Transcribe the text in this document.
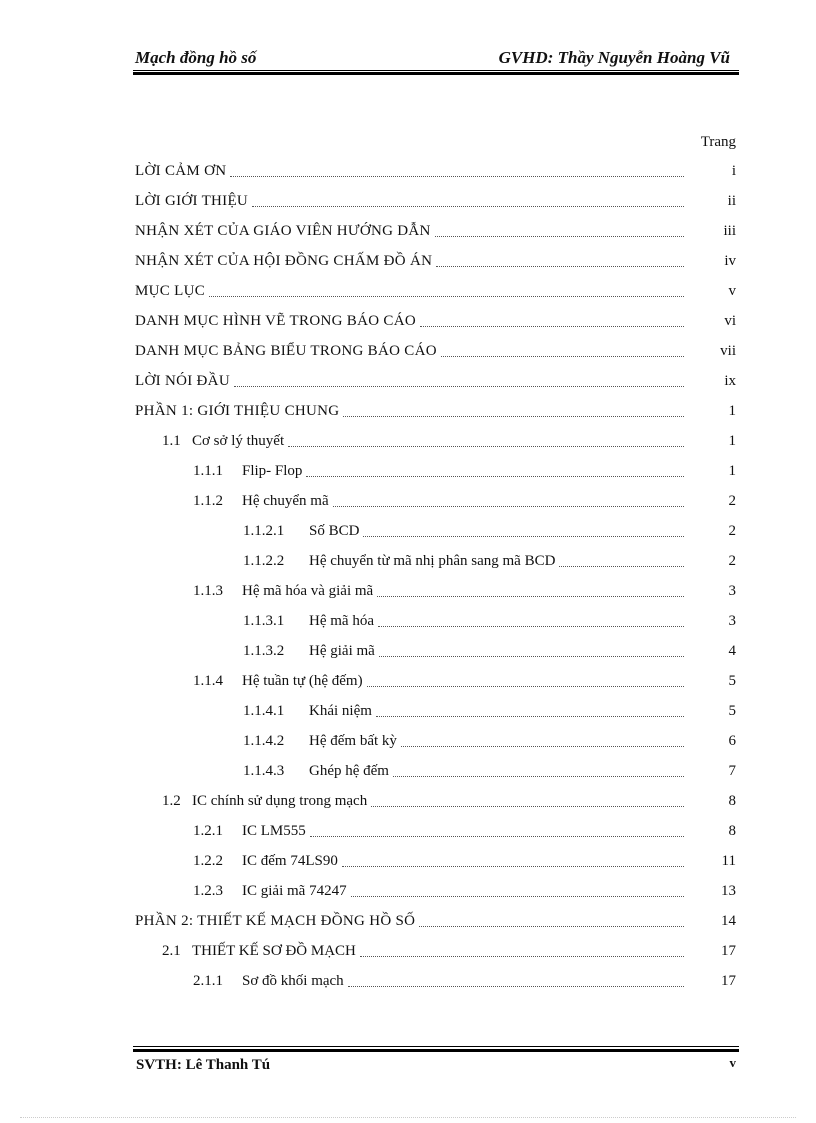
Mạch đồng hồ số	GVHD: Thầy Nguyễn Hoàng Vũ
Trang
LỜI CẢM ƠN	i
LỜI GIỚI THIỆU	ii
NHẬN XÉT CỦA GIÁO VIÊN HƯỚNG DẪN	iii
NHẬN XÉT CỦA HỘI ĐỒNG CHẤM ĐỒ ÁN	iv
MỤC LỤC	v
DANH MỤC HÌNH VẼ TRONG BÁO CÁO	vi
DANH MỤC BẢNG BIỂU TRONG BÁO CÁO	vii
LỜI NÓI ĐẦU	ix
PHẦN 1: GIỚI THIỆU CHUNG	1
1.1 Cơ sở lý thuyết	1
1.1.1 Flip- Flop	1
1.1.2 Hệ chuyển mã	2
1.1.2.1 Số BCD	2
1.1.2.2 Hệ chuyển từ mã nhị phân sang mã BCD	2
1.1.3 Hệ mã hóa và giải mã	3
1.1.3.1 Hệ mã hóa	3
1.1.3.2 Hệ giải mã	4
1.1.4 Hệ tuần tự (hệ đếm)	5
1.1.4.1 Khái niệm	5
1.1.4.2 Hệ đếm bất kỳ	6
1.1.4.3 Ghép hệ đếm	7
1.2 IC chính sử dụng trong mạch	8
1.2.1 IC LM555	8
1.2.2 IC đếm 74LS90	11
1.2.3 IC giải mã 74247	13
PHẦN 2: THIẾT KẾ MẠCH ĐỒNG HỒ SỐ	14
2.1 THIẾT KẾ SƠ ĐỒ MẠCH	17
2.1.1 Sơ đồ khối mạch	17
SVTH: Lê Thanh Tú	v
